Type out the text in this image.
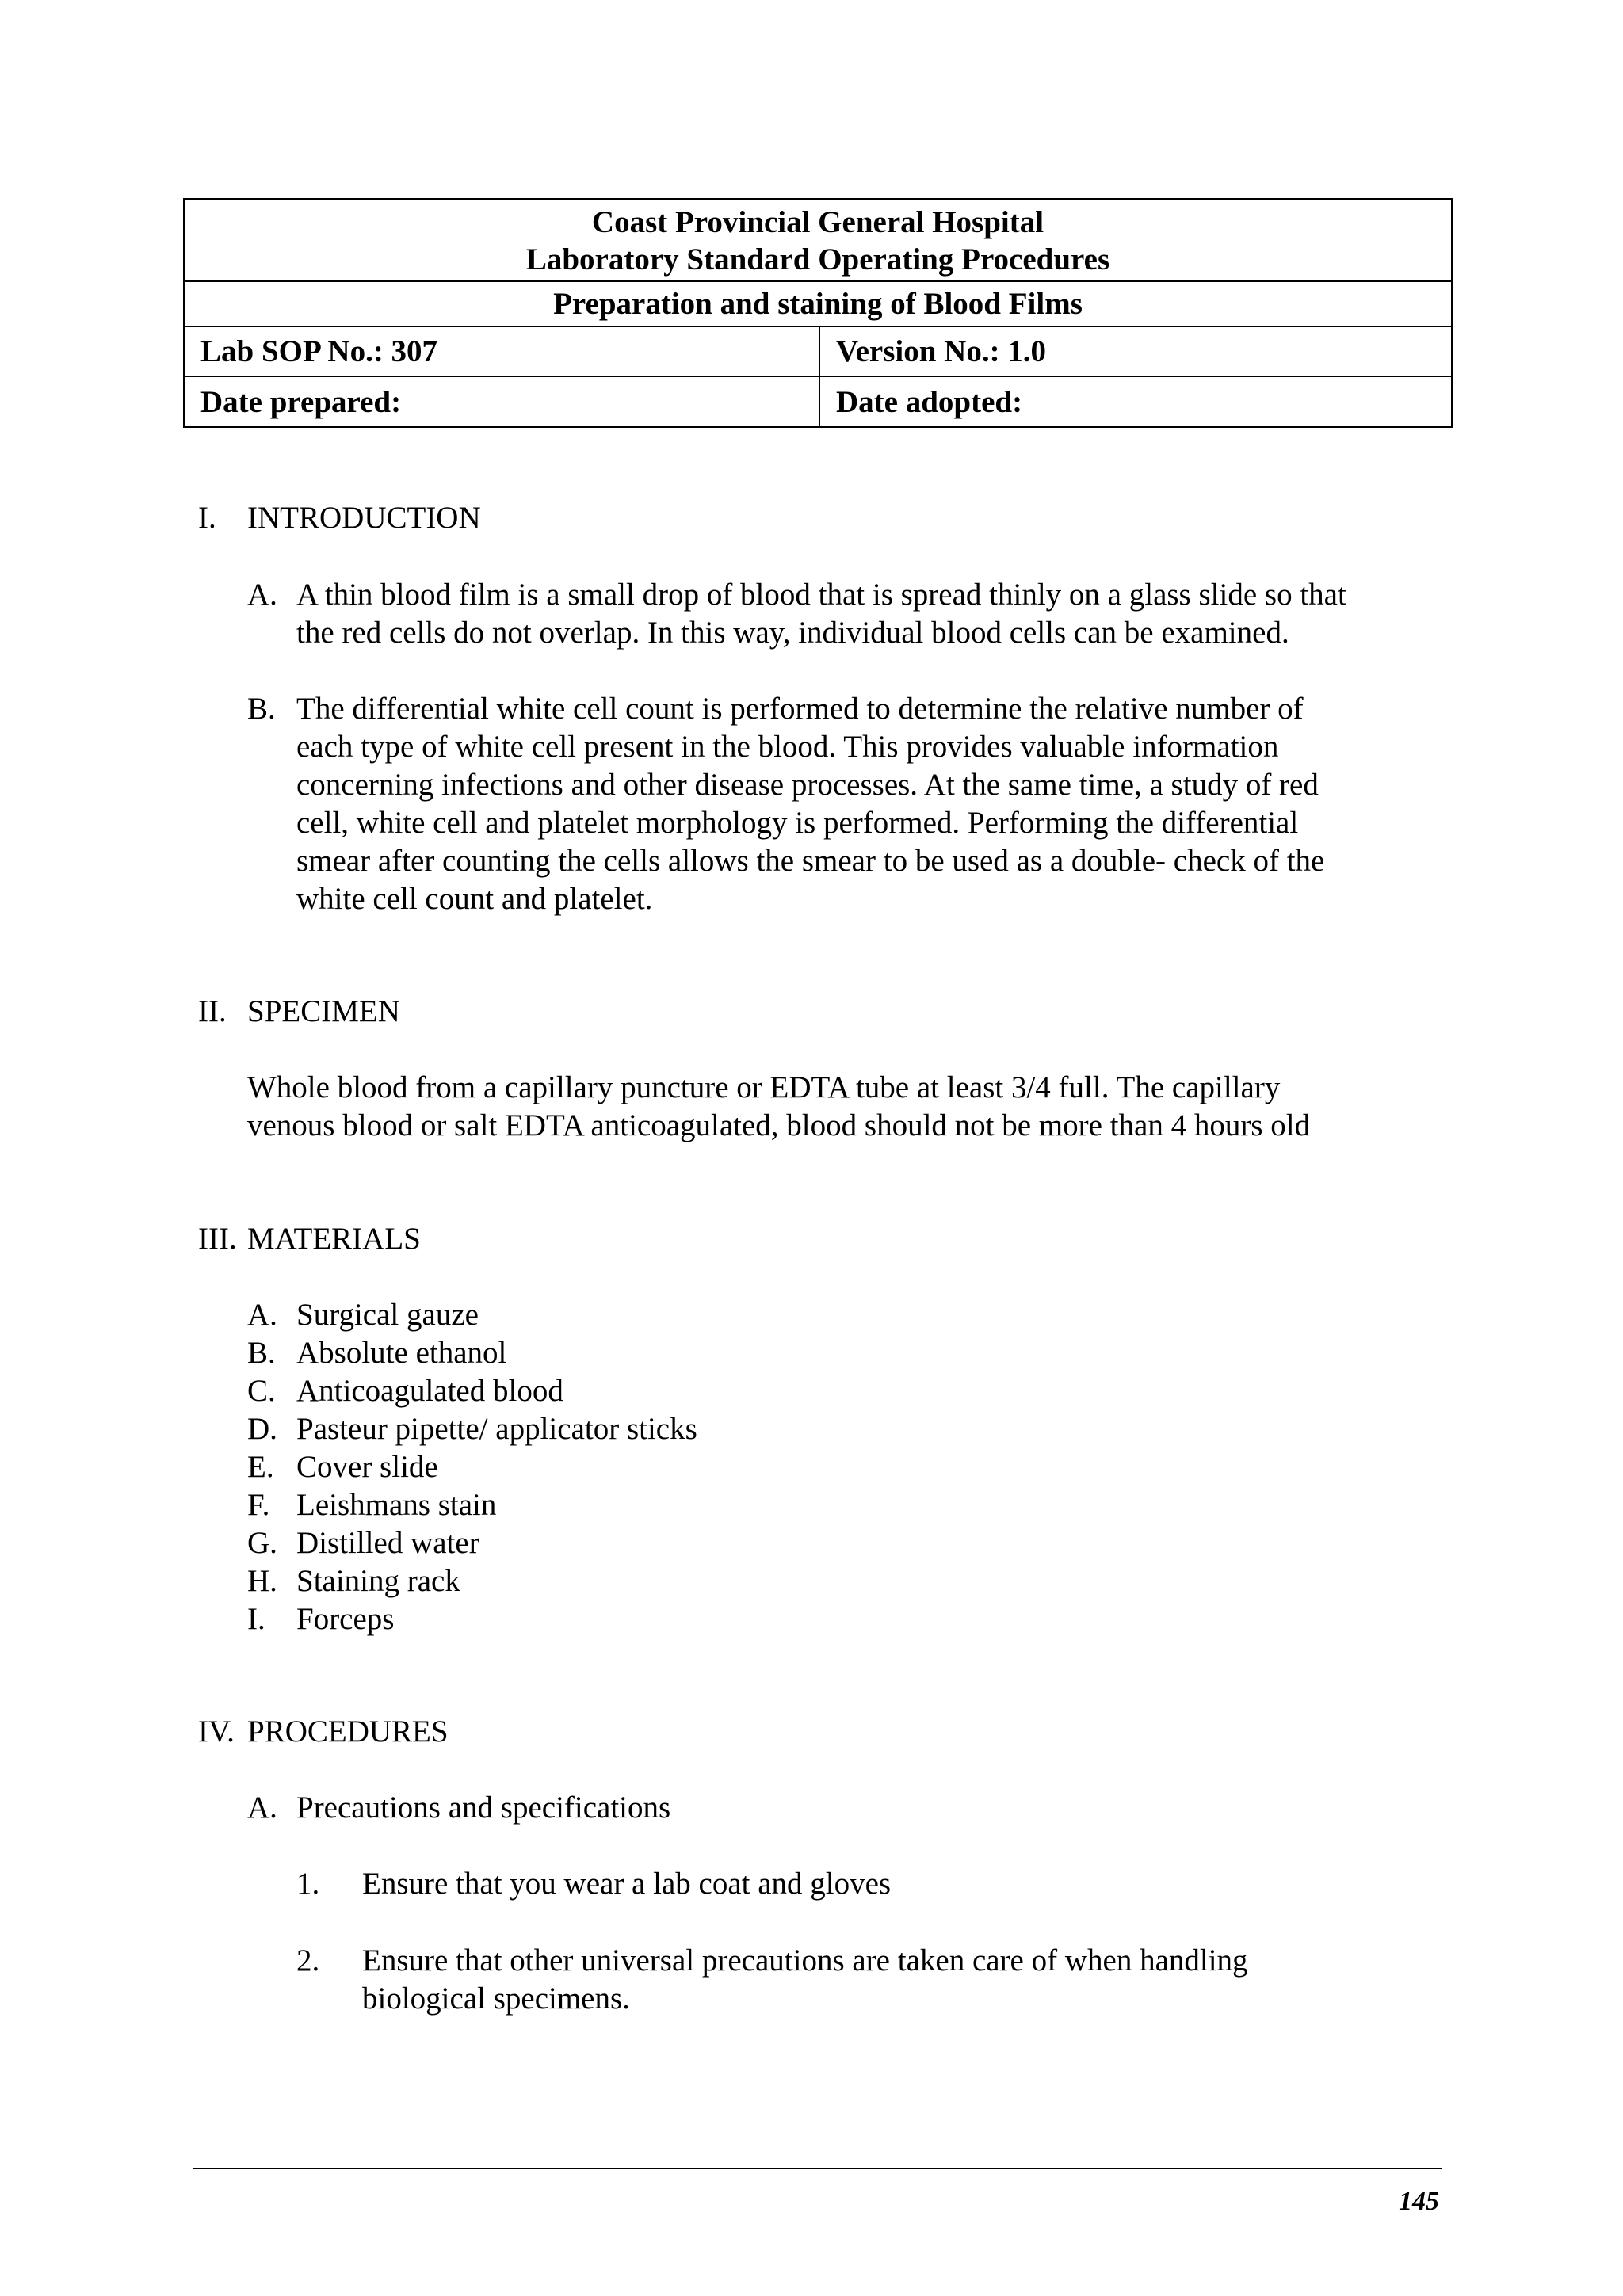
Coast Provincial General Hospital
Laboratory Standard Operating Procedures	

Preparation and staining of Blood Films	
Lab SOP No.: 307	Version No.: 1.0
Date prepared:	Date adopted:
I. INTRODUCTION
A. A thin blood film is a small drop of blood that is spread thinly on a glass slide so that
the red cells do not overlap. In this way, individual blood cells can be examined.
B. The differential white cell count is performed to determine the relative number of
each type of white cell present in the blood. This provides valuable information
concerning infections and other disease processes. At the same time, a study of red
cell, white cell and platelet morphology is performed. Performing the differential
smear after counting the cells allows the smear to be used as a double- check of the
white cell count and platelet.
II. SPECIMEN
Whole blood from a capillary puncture or EDTA tube at least 3/4 full. The capillary
venous blood or salt EDTA anticoagulated, blood should not be more than 4 hours old
III. MATERIALS
A. Surgical gauze
B. Absolute ethanol
C. Anticoagulated blood
D. Pasteur pipette/ applicator sticks
E. Cover slide
F. Leishmans stain
G. Distilled water
H. Staining rack
I. Forceps
IV. PROCEDURES
A. Precautions and specifications
1. Ensure that you wear a lab coat and gloves
2. Ensure that other universal precautions are taken care of when handling
biological specimens.
145
